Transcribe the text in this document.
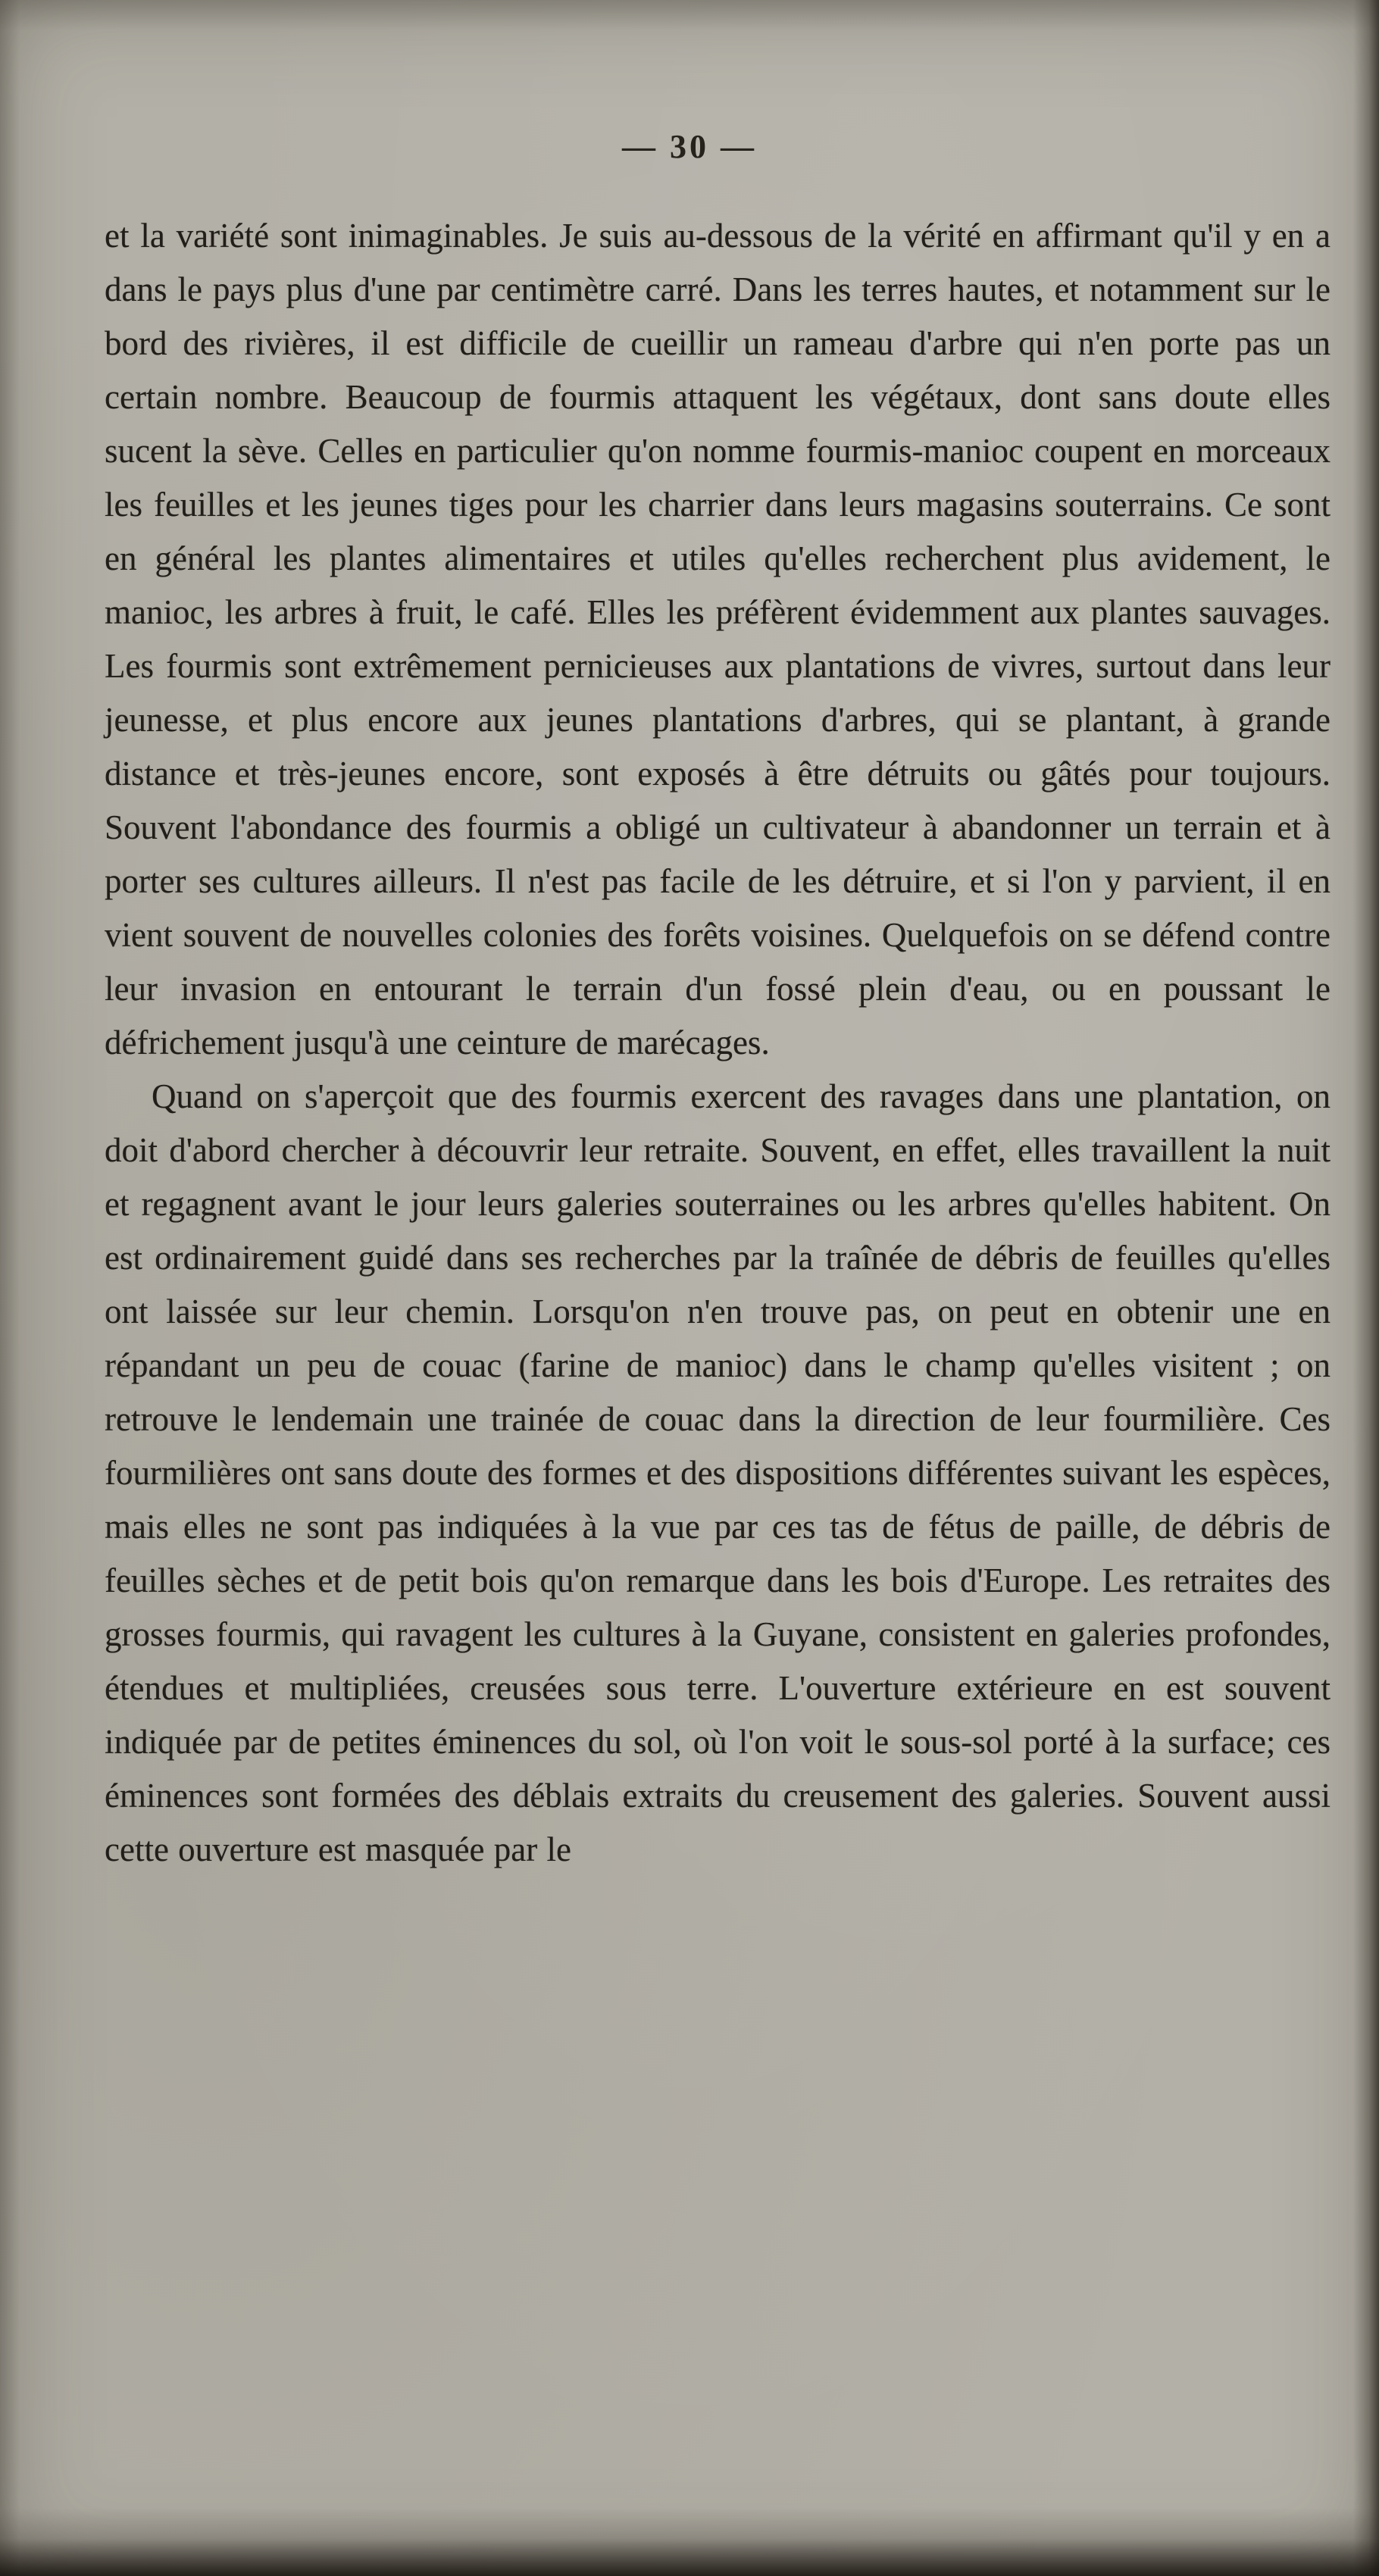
— 30 —

et la variété sont inimaginables. Je suis au-dessous de la vérité en affirmant qu'il y en a dans le pays plus d'une par centimètre carré. Dans les terres hautes, et notamment sur le bord des rivières, il est difficile de cueillir un rameau d'arbre qui n'en porte pas un certain nombre. Beaucoup de fourmis attaquent les végétaux, dont sans doute elles sucent la sève. Celles en particulier qu'on nomme fourmis-manioc coupent en morceaux les feuilles et les jeunes tiges pour les charrier dans leurs magasins souterrains. Ce sont en général les plantes alimentaires et utiles qu'elles recherchent plus avidement, le manioc, les arbres à fruit, le café. Elles les préfèrent évidemment aux plantes sauvages. Les fourmis sont extrêmement pernicieuses aux plantations de vivres, surtout dans leur jeunesse, et plus encore aux jeunes plantations d'arbres, qui se plantant, à grande distance et très-jeunes encore, sont exposés à être détruits ou gâtés pour toujours. Souvent l'abondance des fourmis a obligé un cultivateur à abandonner un terrain et à porter ses cultures ailleurs. Il n'est pas facile de les détruire, et si l'on y parvient, il en vient souvent de nouvelles colonies des forêts voisines. Quelquefois on se défend contre leur invasion en entourant le terrain d'un fossé plein d'eau, ou en poussant le défrichement jusqu'à une ceinture de marécages.

Quand on s'aperçoit que des fourmis exercent des ravages dans une plantation, on doit d'abord chercher à découvrir leur retraite. Souvent, en effet, elles travaillent la nuit et regagnent avant le jour leurs galeries souterraines ou les arbres qu'elles habitent. On est ordinairement guidé dans ses recherches par la traînée de débris de feuilles qu'elles ont laissée sur leur chemin. Lorsqu'on n'en trouve pas, on peut en obtenir une en répandant un peu de couac (farine de manioc) dans le champ qu'elles visitent ; on retrouve le lendemain une trainée de couac dans la direction de leur fourmilière. Ces fourmilières ont sans doute des formes et des dispositions différentes suivant les espèces, mais elles ne sont pas indiquées à la vue par ces tas de fétus de paille, de débris de feuilles sèches et de petit bois qu'on remarque dans les bois d'Europe. Les retraites des grosses fourmis, qui ravagent les cultures à la Guyane, consistent en galeries profondes, étendues et multipliées, creusées sous terre. L'ouverture extérieure en est souvent indiquée par de petites éminences du sol, où l'on voit le sous-sol porté à la surface; ces éminences sont formées des déblais extraits du creusement des galeries. Souvent aussi cette ouverture est masquée par le
